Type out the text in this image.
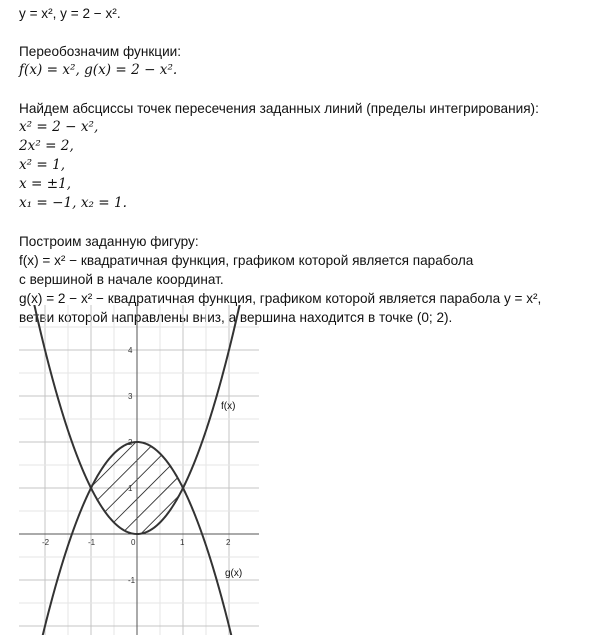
y = x², y = 2 − x².
Переобозначим функции:
f(x) = x², g(x) = 2 − x².
Найдем абсциссы точек пересечения заданных линий (пределы интегрирования):
x² = 2 − x²,
2x² = 2,
x² = 1,
x = ±1,
x₁ = −1, x₂ = 1.
Построим заданную фигуру:
f(x) = x² − квадратичная функция, графиком которой является парабола
с вершиной в начале координат.
g(x) = 2 − x² − квадратичная функция, графиком которой является парабола y = x²,
ветви которой направлены вниз, а вершина находится в точке (0; 2).
-2	-1	0	1	2
-1
1
2
3
4
f(x)
g(x)
